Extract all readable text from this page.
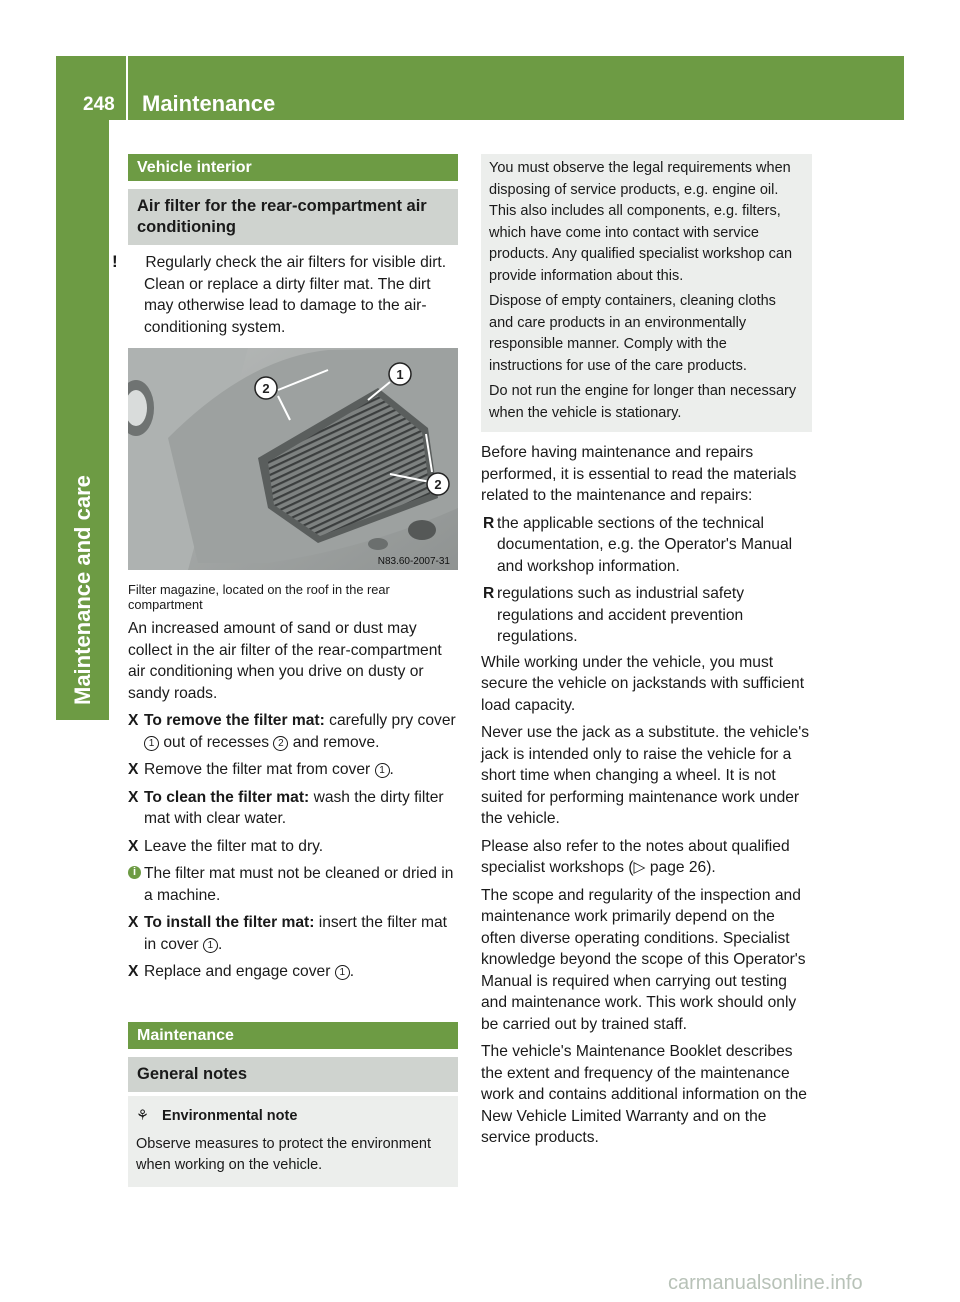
248 Maintenance
Maintenance and care
Vehicle interior
Air filter for the rear-compartment air conditioning

! Regularly check the air filters for visible dirt. Clean or replace a dirty filter mat. The dirt may otherwise lead to damage to the air-conditioning system.

2
1
2
N83.60-2007-31
Filter magazine, located on the roof in the rear compartment

An increased amount of sand or dust may collect in the air filter of the rear-compartment air conditioning when you drive on dusty or sandy roads.

X To remove the filter mat: carefully pry cover 1 out of recesses 2 and remove.

X Remove the filter mat from cover 1 .

X To clean the filter mat: wash the dirty filter mat with clear water.

X Leave the filter mat to dry.

i The filter mat must not be cleaned or dried in a machine.

X To install the filter mat: insert the filter mat in cover 1 .

X Replace and engage cover 1 .

Maintenance
General notes

⚘ Environmental note

Observe measures to protect the environment when working on the vehicle.

You must observe the legal requirements when disposing of service products, e.g. engine oil. This also includes all components, e.g. filters, which have come into contact with service products. Any qualified specialist workshop can provide information about this.

Dispose of empty containers, cleaning cloths and care products in an environmentally responsible manner. Comply with the instructions for use of the care products.

Do not run the engine for longer than necessary when the vehicle is stationary.

Before having maintenance and repairs performed, it is essential to read the materials related to the maintenance and repairs:

R the applicable sections of the technical documentation, e.g. the Operator's Manual and workshop information.

R regulations such as industrial safety regulations and accident prevention regulations.

While working under the vehicle, you must secure the vehicle on jackstands with sufficient load capacity.

Never use the jack as a substitute. the vehicle's jack is intended only to raise the vehicle for a short time when changing a wheel. It is not suited for performing maintenance work under the vehicle.

Please also refer to the notes about qualified specialist workshops (▷ page 26).

The scope and regularity of the inspection and maintenance work primarily depend on the often diverse operating conditions. Specialist knowledge beyond the scope of this Operator's Manual is required when carrying out testing and maintenance work. This work should only be carried out by trained staff.

The vehicle's Maintenance Booklet describes the extent and frequency of the maintenance work and contains additional information on the New Vehicle Limited Warranty and on the service products.

carmanualsonline.info
